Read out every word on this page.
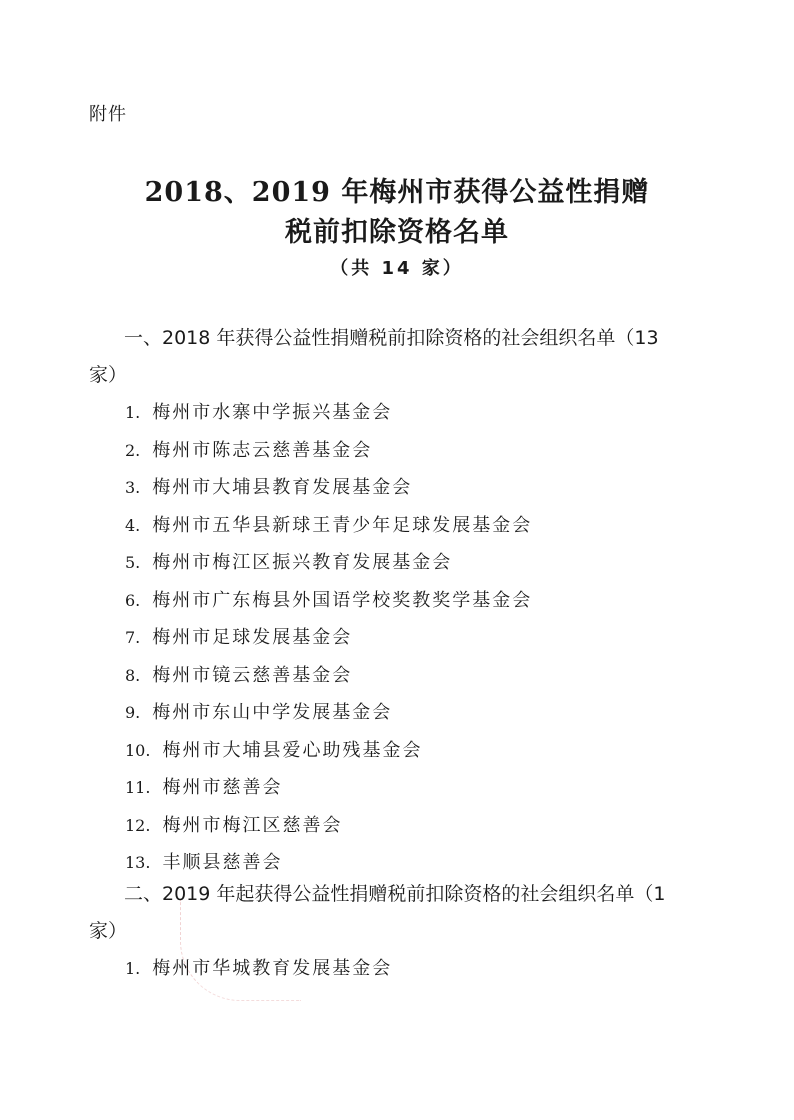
附件
2018、2019 年梅州市获得公益性捐赠
税前扣除资格名单
（共 14 家）
一、2018 年获得公益性捐赠税前扣除资格的社会组织名单（13 家）
1. 梅州市水寨中学振兴基金会
2. 梅州市陈志云慈善基金会
3. 梅州市大埔县教育发展基金会
4. 梅州市五华县新球王青少年足球发展基金会
5. 梅州市梅江区振兴教育发展基金会
6. 梅州市广东梅县外国语学校奖教奖学基金会
7. 梅州市足球发展基金会
8. 梅州市镜云慈善基金会
9. 梅州市东山中学发展基金会
10. 梅州市大埔县爱心助残基金会
11. 梅州市慈善会
12. 梅州市梅江区慈善会
13. 丰顺县慈善会
二、2019 年起获得公益性捐赠税前扣除资格的社会组织名单（1 家）
1. 梅州市华城教育发展基金会
